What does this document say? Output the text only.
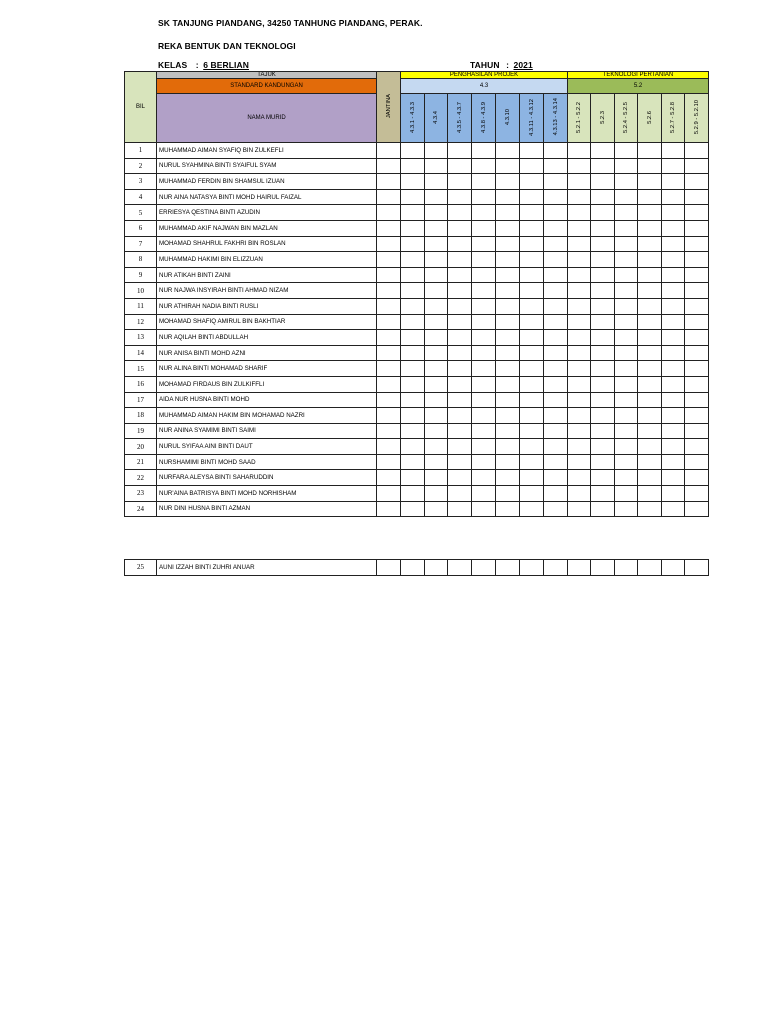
SK TANJUNG PIANDANG, 34250 TANHUNG PIANDANG, PERAK.
REKA BENTUK DAN TEKNOLOGI
KELAS : 6 BERLIAN	TAHUN : 2021
BIL	TAJUK	JANTINA	PENGHASILAN PROJEK							TEKNOLOGI PERTANIAN					
	STANDARD KANDUNGAN		4.3							5.2					
	NAMA MURID		4.3.1 - 4.3.3	4.3.4	4.3.5 - 4.3.7	4.3.8 - 4.3.9	4.3.10	4.3.11 - 4.3.12	4.3.13 - 4.3.14	5.2.1 - 5.2.2	5.2.3	5.2.4 - 5.2.5	5.2.6	5.2.7 - 5.2.8	5.2.9 - 5.2.10
1	MUHAMMAD AIMAN SYAFIQ BIN ZULKEFLI														
2	NURUL SYAHMINA BINTI SYAIFUL SYAM														
3	MUHAMMAD FERDIN BIN SHAMSUL IZUAN														
4	NUR AINA NATASYA BINTI MOHD HAIRUL FAIZAL														
5	ERRIESYA QESTINA BINTI AZUDIN														
6	MUHAMMAD AKIF NAJWAN BIN MAZLAN														
7	MOHAMAD SHAHRUL FAKHRI BIN ROSLAN														
8	MUHAMMAD HAKIMI BIN ELIZZUAN														
9	NUR ATIKAH BINTI ZAINI														
10	NUR NAJWA INSYIRAH BINTI AHMAD NIZAM														
11	NUR ATHIRAH NADIA BINTI RUSLI														
12	MOHAMAD SHAFIQ AMIRUL BIN BAKHTIAR														
13	NUR AQILAH BINTI ABDULLAH														
14	NUR ANISA BINTI MOHD AZNI														
15	NUR ALINA BINTI MOHAMAD SHARIF														
16	MOHAMAD FIRDAUS BIN ZULKIFFLI														
17	AIDA NUR HUSNA BINTI MOHD														
18	MUHAMMAD AIMAN HAKIM BIN MOHAMAD NAZRI														
19	NUR ANINA SYAMIMI BINTI SAIMI														
20	NURUL SYIFAA AINI BINTI DAUT														
21	NURSHAMIMI BINTI MOHD SAAD														
22	NURFARA ALEYSA BINTI SAHARUDDIN														
23	NUR'AINA BATRISYA BINTI MOHD NORHISHAM														
24	NUR DINI HUSNA BINTI AZMAN														
25	AUNI IZZAH BINTI ZUHRI ANUAR														
